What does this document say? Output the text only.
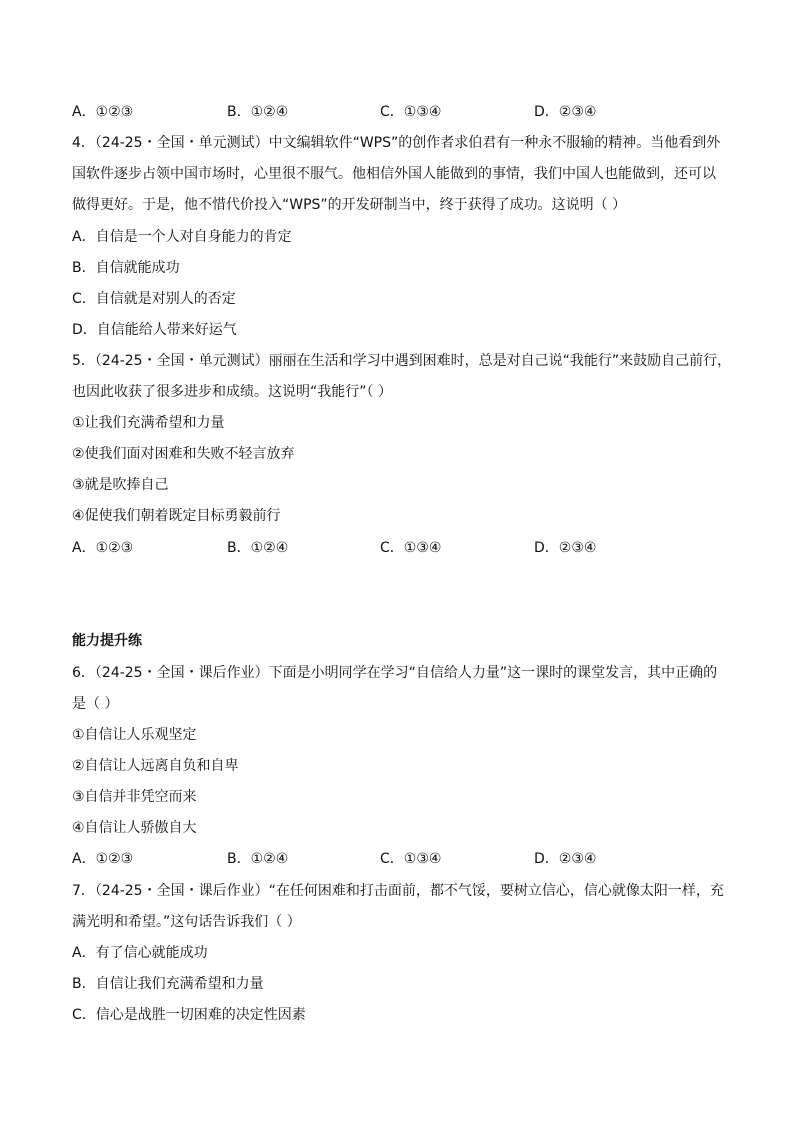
A．①②③	B．①②④	C．①③④	D．②③④
4．（24-25・全国・单元测试）中文编辑软件“WPS”的创作者求伯君有一种永不服输的精神。当他看到外
国软件逐步占领中国市场时，心里很不服气。他相信外国人能做到的事情，我们中国人也能做到，还可以
做得更好。于是，他不惜代价投入“WPS”的开发研制当中，终于获得了成功。这说明（ ）
A．自信是一个人对自身能力的肯定
B．自信就能成功
C．自信就是对别人的否定
D．自信能给人带来好运气
5．（24-25・全国・单元测试）丽丽在生活和学习中遇到困难时，总是对自己说“我能行”来鼓励自己前行，
也因此收获了很多进步和成绩。这说明“我能行”（ ）
①让我们充满希望和力量
②使我们面对困难和失败不轻言放弃
③就是吹捧自己
④促使我们朝着既定目标勇毅前行
A．①②③	B．①②④	C．①③④	D．②③④
能力提升练
6．（24-25・全国・课后作业）下面是小明同学在学习“自信给人力量”这一课时的课堂发言，其中正确的
是（ ）
①自信让人乐观坚定
②自信让人远离自负和自卑
③自信并非凭空而来
④自信让人骄傲自大
A．①②③	B．①②④	C．①③④	D．②③④
7．（24-25・全国・课后作业）“在任何困难和打击面前，都不气馁，要树立信心，信心就像太阳一样，充
满光明和希望。”这句话告诉我们（ ）
A．有了信心就能成功
B．自信让我们充满希望和力量
C．信心是战胜一切困难的决定性因素
